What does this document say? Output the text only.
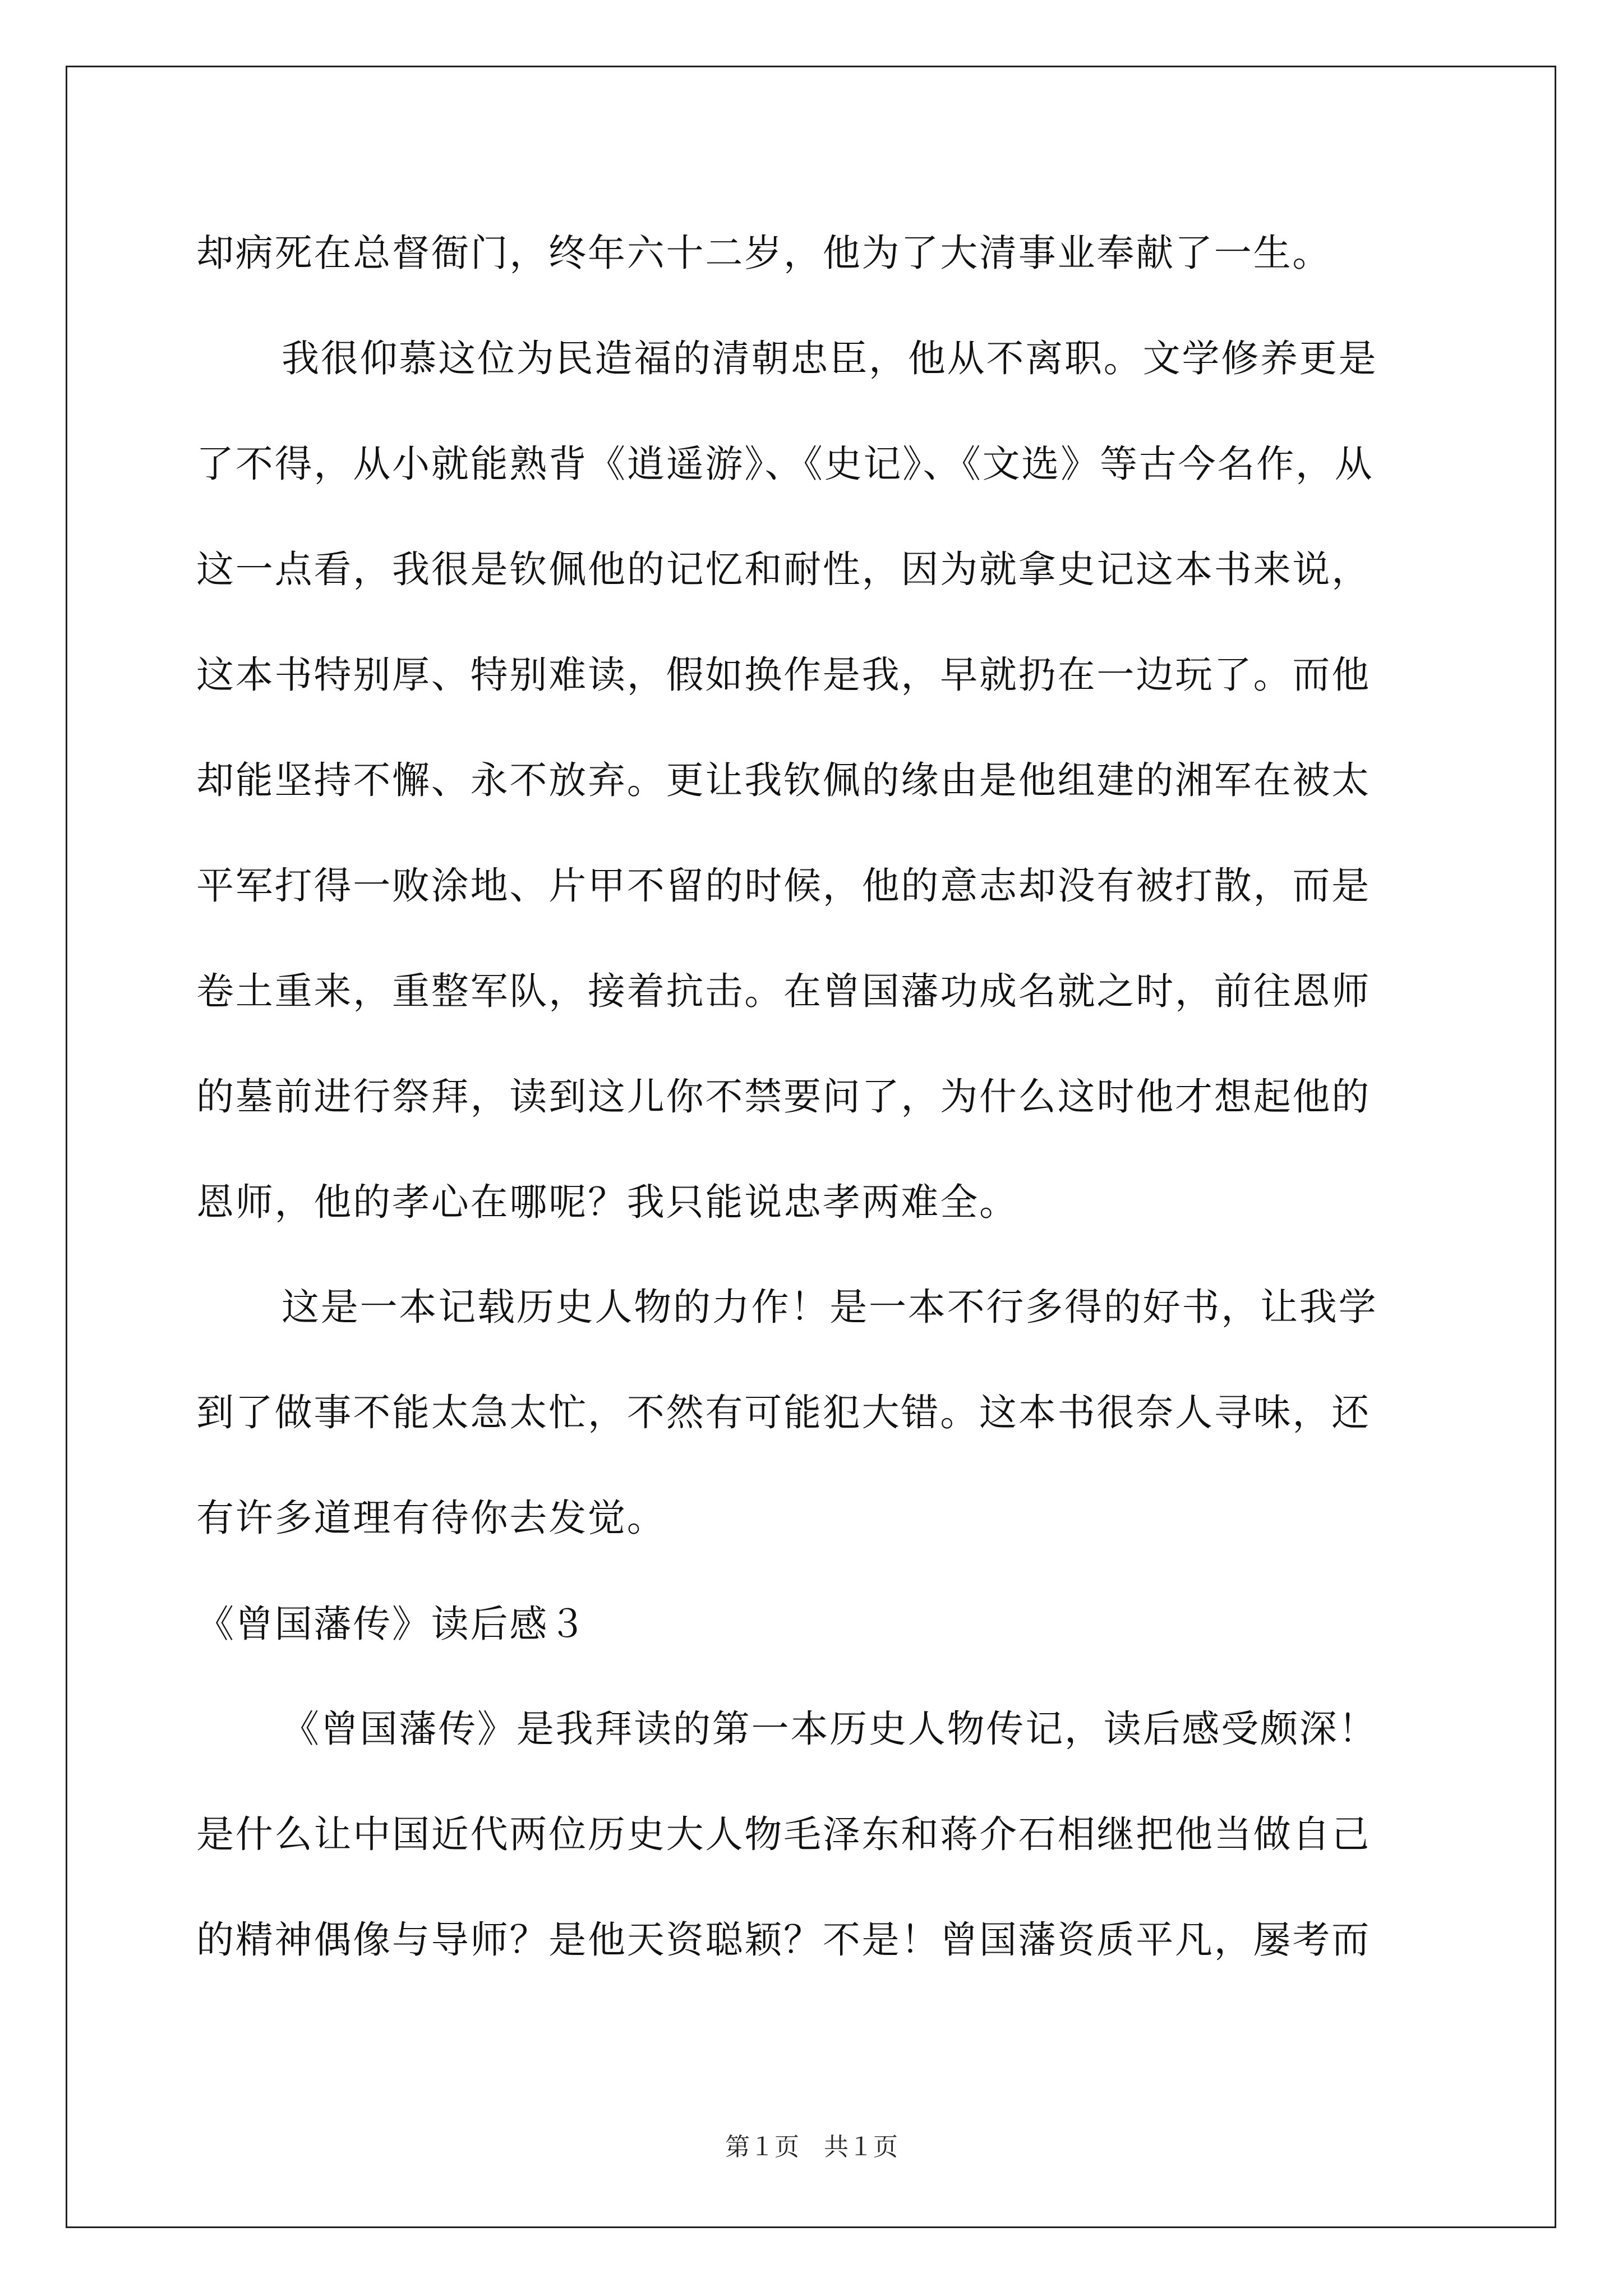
却病死在总督衙门，终年六十二岁，他为了大清事业奉献了一生。
我很仰慕这位为民造福的清朝忠臣，他从不离职。文学修养更是
了不得，从小就能熟背《逍遥游》、《史记》、《文选》等古今名作，从
这一点看，我很是钦佩他的记忆和耐性，因为就拿史记这本书来说，
这本书特别厚、特别难读，假如换作是我，早就扔在一边玩了。而他
却能坚持不懈、永不放弃。更让我钦佩的缘由是他组建的湘军在被太
平军打得一败涂地、片甲不留的时候，他的意志却没有被打散，而是
卷土重来，重整军队，接着抗击。在曾国藩功成名就之时，前往恩师
的墓前进行祭拜，读到这儿你不禁要问了，为什么这时他才想起他的
恩师，他的孝心在哪呢？我只能说忠孝两难全。
这是一本记载历史人物的力作！是一本不行多得的好书，让我学
到了做事不能太急太忙，不然有可能犯大错。这本书很奈人寻味，还
有许多道理有待你去发觉。
《曾国藩传》读后感３
《曾国藩传》是我拜读的第一本历史人物传记，读后感受颇深！
是什么让中国近代两位历史大人物毛泽东和蒋介石相继把他当做自己
的精神偶像与导师？是他天资聪颖？不是！曾国藩资质平凡，屡考而
第１页　共１页
